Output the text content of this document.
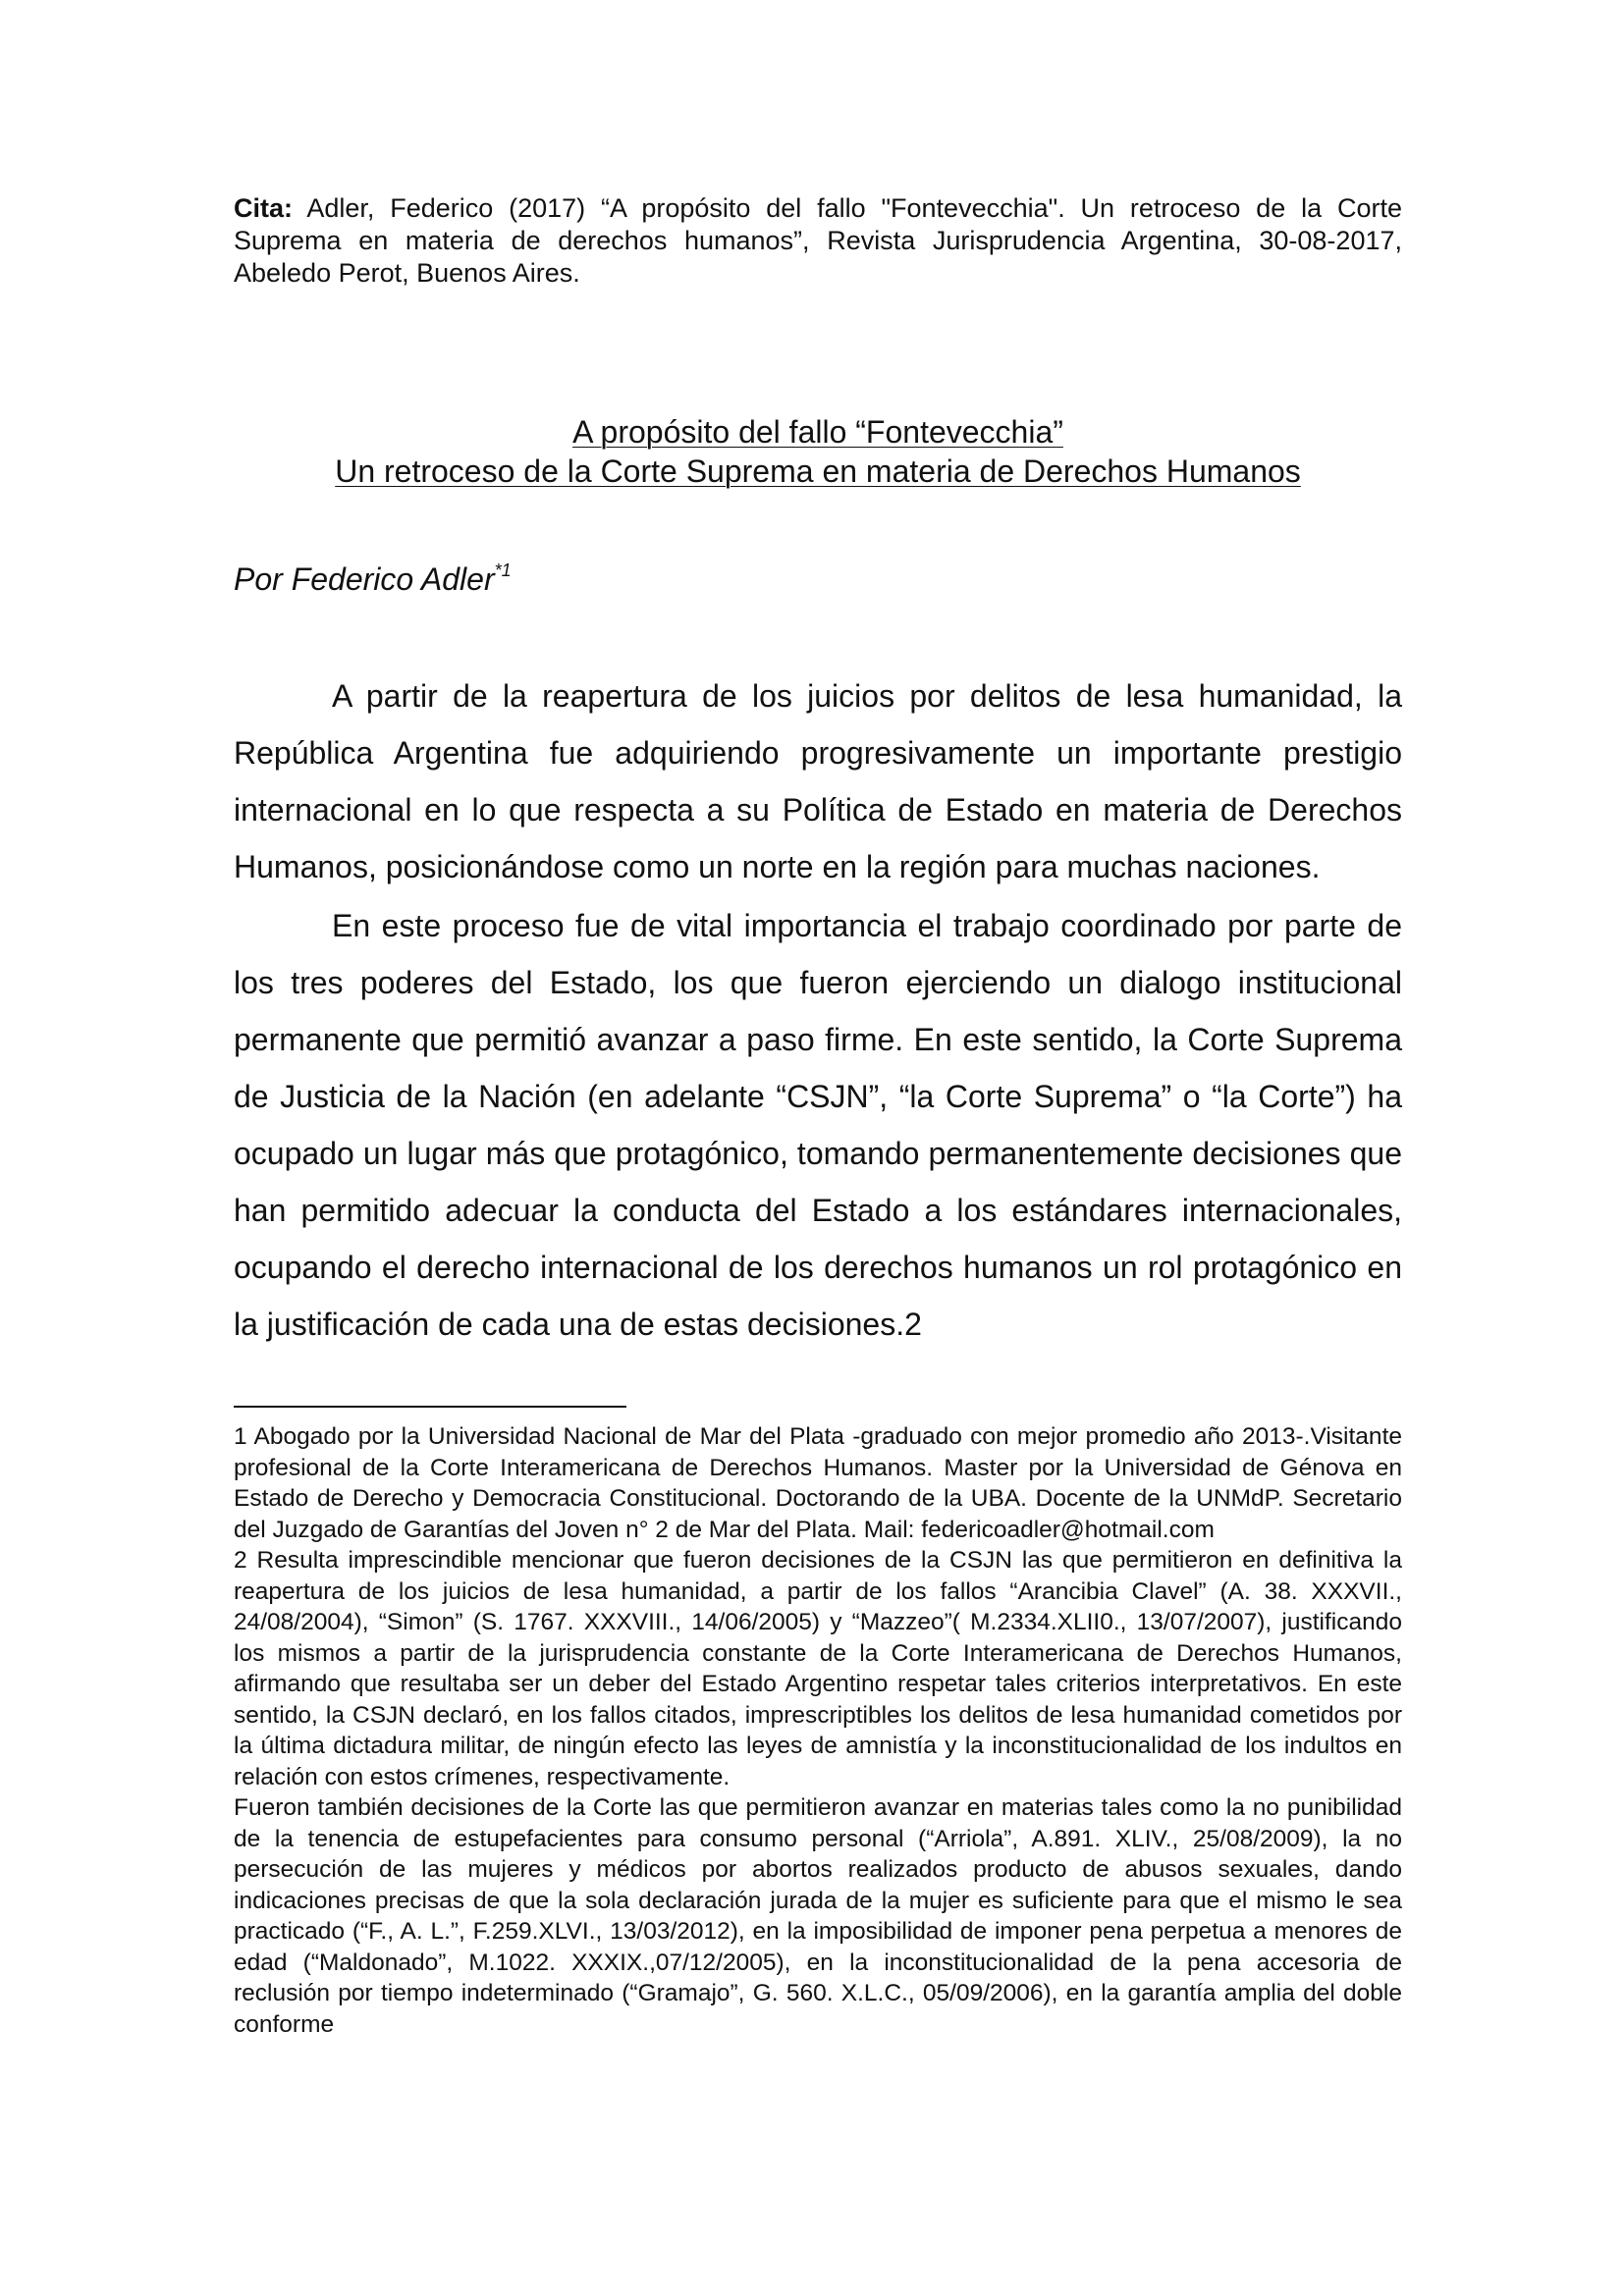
Cita: Adler, Federico (2017) “A propósito del fallo "Fontevecchia". Un retroceso de la Corte Suprema en materia de derechos humanos”, Revista Jurisprudencia Argentina, 30-08-2017, Abeledo Perot, Buenos Aires.
A propósito del fallo “Fontevecchia”
Un retroceso de la Corte Suprema en materia de Derechos Humanos
Por Federico Adler$^{*1}$

A partir de la reapertura de los juicios por delitos de lesa humanidad, la República Argentina fue adquiriendo progresivamente un importante prestigio internacional en lo que respecta a su Política de Estado en materia de Derechos Humanos, posicionándose como un norte en la región para muchas naciones.

En este proceso fue de vital importancia el trabajo coordinado por parte de los tres poderes del Estado, los que fueron ejerciendo un dialogo institucional permanente que permitió avanzar a paso firme. En este sentido, la Corte Suprema de Justicia de la Nación (en adelante “CSJN”, “la Corte Suprema” o “la Corte”) ha ocupado un lugar más que protagónico, tomando permanentemente decisiones que han permitido adecuar la conducta del Estado a los estándares internacionales, ocupando el derecho internacional de los derechos humanos un rol protagónico en la justificación de cada una de estas decisiones.2

1 Abogado por la Universidad Nacional de Mar del Plata -graduado con mejor promedio año 2013-.Visitante profesional de la Corte Interamericana de Derechos Humanos. Master por la Universidad de Génova en Estado de Derecho y Democracia Constitucional. Doctorando de la UBA. Docente de la UNMdP. Secretario del Juzgado de Garantías del Joven n° 2 de Mar del Plata. Mail: federicoadler@hotmail.com

2 Resulta imprescindible mencionar que fueron decisiones de la CSJN las que permitieron en definitiva la reapertura de los juicios de lesa humanidad, a partir de los fallos “Arancibia Clavel” (A. 38. XXXVII., 24/08/2004), “Simon” (S. 1767. XXXVIII., 14/06/2005) y “Mazzeo”( M.2334.XLII0., 13/07/2007), justificando los mismos a partir de la jurisprudencia constante de la Corte Interamericana de Derechos Humanos, afirmando que resultaba ser un deber del Estado Argentino respetar tales criterios interpretativos. En este sentido, la CSJN declaró, en los fallos citados, imprescriptibles los delitos de lesa humanidad cometidos por la última dictadura militar, de ningún efecto las leyes de amnistía y la inconstitucionalidad de los indultos en relación con estos crímenes, respectivamente.

Fueron también decisiones de la Corte las que permitieron avanzar en materias tales como la no punibilidad de la tenencia de estupefacientes para consumo personal (“Arriola”, A.891. XLIV., 25/08/2009), la no persecución de las mujeres y médicos por abortos realizados producto de abusos sexuales, dando indicaciones precisas de que la sola declaración jurada de la mujer es suficiente para que el mismo le sea practicado (“F., A. L.”, F.259.XLVI., 13/03/2012), en la imposibilidad de imponer pena perpetua a menores de edad (“Maldonado”, M.1022. XXXIX.,07/12/2005), en la inconstitucionalidad de la pena accesoria de reclusión por tiempo indeterminado (“Gramajo”, G. 560. X.L.C., 05/09/2006), en la garantía amplia del doble conforme
